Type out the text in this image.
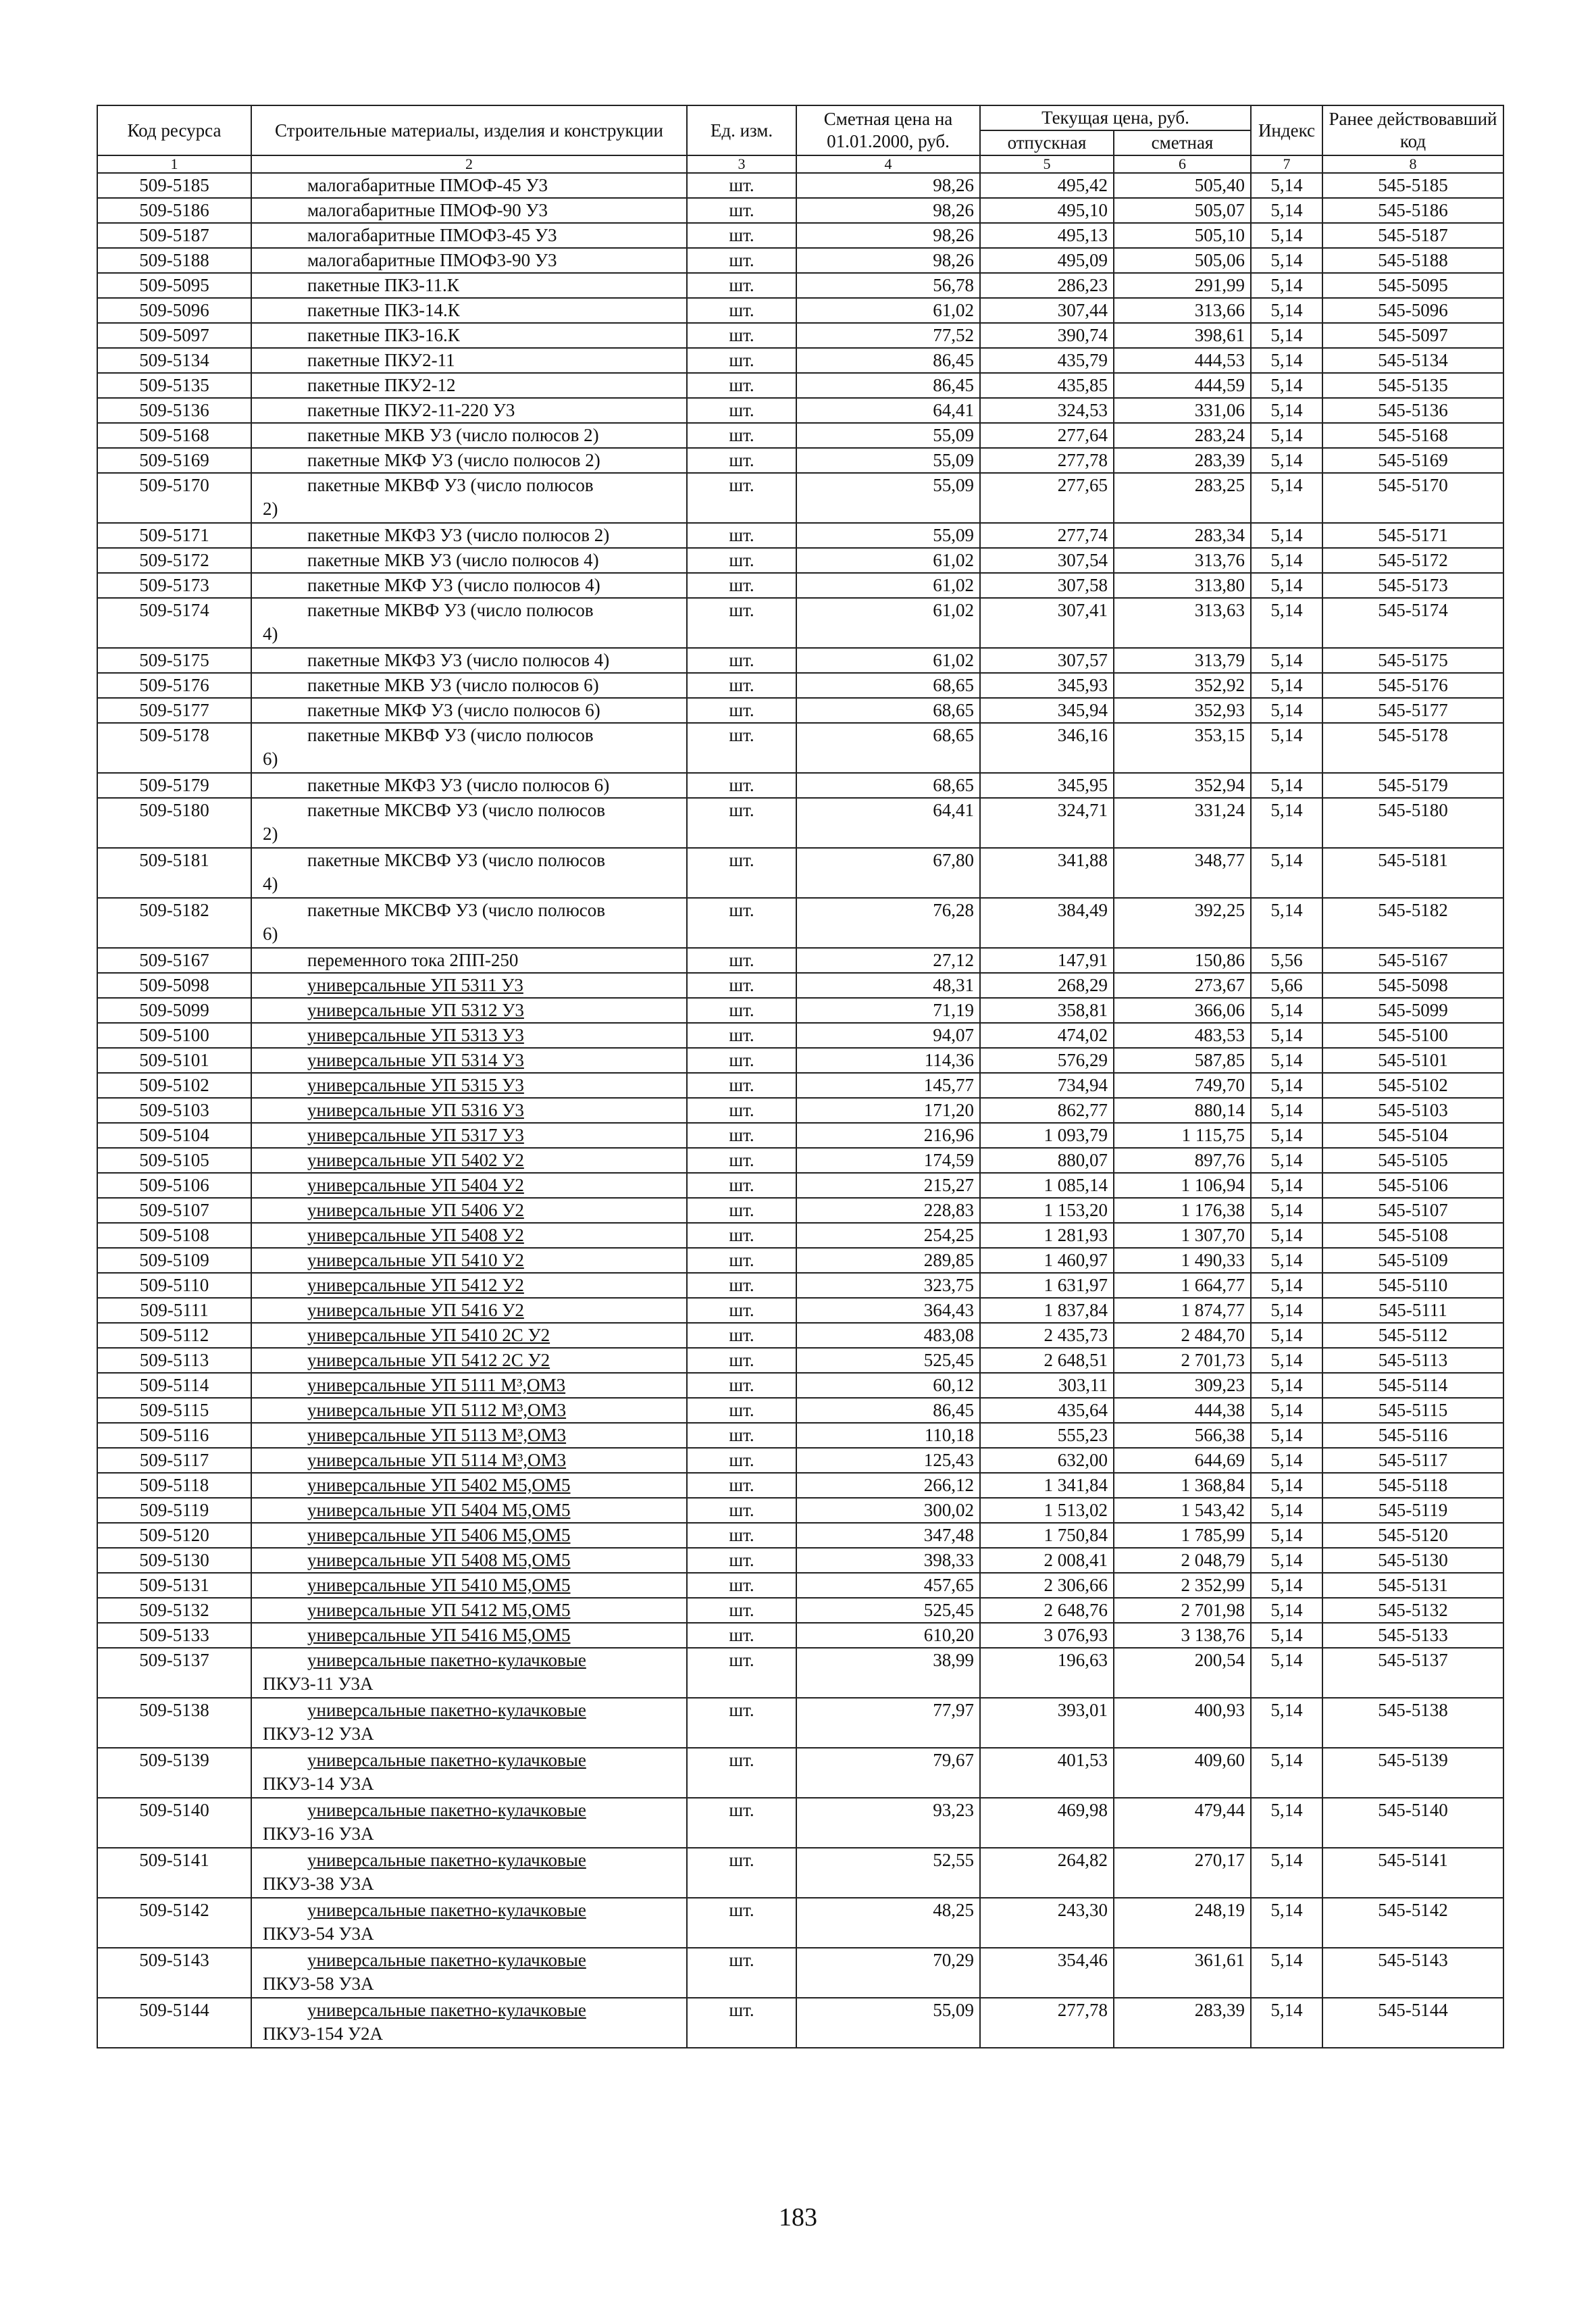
Код ресурса	Строительные материалы, изделия и конструкции	Ед. изм.	Сметная цена на 01.01.2000, руб.	Текущая цена, руб.		Индекс	Ранее действовавший код
				отпускная	сметная		
1	2	3	4	5	6	7	8
509-5185	малогабаритные ПМОФ-45 У3	шт.	98,26	495,42	505,40	5,14	545-5185
509-5186	малогабаритные ПМОФ-90 У3	шт.	98,26	495,10	505,07	5,14	545-5186
509-5187	малогабаритные ПМОФ3-45 У3	шт.	98,26	495,13	505,10	5,14	545-5187
509-5188	малогабаритные ПМОФ3-90 У3	шт.	98,26	495,09	505,06	5,14	545-5188
509-5095	пакетные ПК3-11.К	шт.	56,78	286,23	291,99	5,14	545-5095
509-5096	пакетные ПК3-14.К	шт.	61,02	307,44	313,66	5,14	545-5096
509-5097	пакетные ПК3-16.К	шт.	77,52	390,74	398,61	5,14	545-5097
509-5134	пакетные ПКУ2-11	шт.	86,45	435,79	444,53	5,14	545-5134
509-5135	пакетные ПКУ2-12	шт.	86,45	435,85	444,59	5,14	545-5135
509-5136	пакетные ПКУ2-11-220 У3	шт.	64,41	324,53	331,06	5,14	545-5136
509-5168	пакетные МКВ У3 (число полюсов 2)	шт.	55,09	277,64	283,24	5,14	545-5168
509-5169	пакетные МКФ У3 (число полюсов 2)	шт.	55,09	277,78	283,39	5,14	545-5169
509-5170	пакетные МКВФ У3 (число полюсов
2)	шт.	55,09	277,65	283,25	5,14	545-5170
509-5171	пакетные МКФ3 У3 (число полюсов 2)	шт.	55,09	277,74	283,34	5,14	545-5171
509-5172	пакетные МКВ У3 (число полюсов 4)	шт.	61,02	307,54	313,76	5,14	545-5172
509-5173	пакетные МКФ У3 (число полюсов 4)	шт.	61,02	307,58	313,80	5,14	545-5173
509-5174	пакетные МКВФ У3 (число полюсов
4)	шт.	61,02	307,41	313,63	5,14	545-5174
509-5175	пакетные МКФ3 У3 (число полюсов 4)	шт.	61,02	307,57	313,79	5,14	545-5175
509-5176	пакетные МКВ У3 (число полюсов 6)	шт.	68,65	345,93	352,92	5,14	545-5176
509-5177	пакетные МКФ У3 (число полюсов 6)	шт.	68,65	345,94	352,93	5,14	545-5177
509-5178	пакетные МКВФ У3 (число полюсов
6)	шт.	68,65	346,16	353,15	5,14	545-5178
509-5179	пакетные МКФ3 У3 (число полюсов 6)	шт.	68,65	345,95	352,94	5,14	545-5179
509-5180	пакетные МКСВФ У3 (число полюсов
2)	шт.	64,41	324,71	331,24	5,14	545-5180
509-5181	пакетные МКСВФ У3 (число полюсов
4)	шт.	67,80	341,88	348,77	5,14	545-5181
509-5182	пакетные МКСВФ У3 (число полюсов
6)	шт.	76,28	384,49	392,25	5,14	545-5182
509-5167	переменного тока 2ПП-250	шт.	27,12	147,91	150,86	5,56	545-5167
509-5098	универсальные УП 5311 У3	шт.	48,31	268,29	273,67	5,66	545-5098
509-5099	универсальные УП 5312 У3	шт.	71,19	358,81	366,06	5,14	545-5099
509-5100	универсальные УП 5313 У3	шт.	94,07	474,02	483,53	5,14	545-5100
509-5101	универсальные УП 5314 У3	шт.	114,36	576,29	587,85	5,14	545-5101
509-5102	универсальные УП 5315 У3	шт.	145,77	734,94	749,70	5,14	545-5102
509-5103	универсальные УП 5316 У3	шт.	171,20	862,77	880,14	5,14	545-5103
509-5104	универсальные УП 5317 У3	шт.	216,96	1 093,79	1 115,75	5,14	545-5104
509-5105	универсальные УП 5402 У2	шт.	174,59	880,07	897,76	5,14	545-5105
509-5106	универсальные УП 5404 У2	шт.	215,27	1 085,14	1 106,94	5,14	545-5106
509-5107	универсальные УП 5406 У2	шт.	228,83	1 153,20	1 176,38	5,14	545-5107
509-5108	универсальные УП 5408 У2	шт.	254,25	1 281,93	1 307,70	5,14	545-5108
509-5109	универсальные УП 5410 У2	шт.	289,85	1 460,97	1 490,33	5,14	545-5109
509-5110	универсальные УП 5412 У2	шт.	323,75	1 631,97	1 664,77	5,14	545-5110
509-5111	универсальные УП 5416 У2	шт.	364,43	1 837,84	1 874,77	5,14	545-5111
509-5112	универсальные УП 5410 2С У2	шт.	483,08	2 435,73	2 484,70	5,14	545-5112
509-5113	универсальные УП 5412 2С У2	шт.	525,45	2 648,51	2 701,73	5,14	545-5113
509-5114	универсальные УП 5111 М³,ОМ3	шт.	60,12	303,11	309,23	5,14	545-5114
509-5115	универсальные УП 5112 М³,ОМ3	шт.	86,45	435,64	444,38	5,14	545-5115
509-5116	универсальные УП 5113 М³,ОМ3	шт.	110,18	555,23	566,38	5,14	545-5116
509-5117	универсальные УП 5114 М³,ОМ3	шт.	125,43	632,00	644,69	5,14	545-5117
509-5118	универсальные УП 5402 М5,ОМ5	шт.	266,12	1 341,84	1 368,84	5,14	545-5118
509-5119	универсальные УП 5404 М5,ОМ5	шт.	300,02	1 513,02	1 543,42	5,14	545-5119
509-5120	универсальные УП 5406 М5,ОМ5	шт.	347,48	1 750,84	1 785,99	5,14	545-5120
509-5130	универсальные УП 5408 М5,ОМ5	шт.	398,33	2 008,41	2 048,79	5,14	545-5130
509-5131	универсальные УП 5410 М5,ОМ5	шт.	457,65	2 306,66	2 352,99	5,14	545-5131
509-5132	универсальные УП 5412 М5,ОМ5	шт.	525,45	2 648,76	2 701,98	5,14	545-5132
509-5133	универсальные УП 5416 М5,ОМ5	шт.	610,20	3 076,93	3 138,76	5,14	545-5133
509-5137	универсальные пакетно-кулачковые
ПКУ3-11 У3А	шт.	38,99	196,63	200,54	5,14	545-5137
509-5138	универсальные пакетно-кулачковые
ПКУ3-12 У3А	шт.	77,97	393,01	400,93	5,14	545-5138
509-5139	универсальные пакетно-кулачковые
ПКУ3-14 У3А	шт.	79,67	401,53	409,60	5,14	545-5139
509-5140	универсальные пакетно-кулачковые
ПКУ3-16 У3А	шт.	93,23	469,98	479,44	5,14	545-5140
509-5141	универсальные пакетно-кулачковые
ПКУ3-38 У3А	шт.	52,55	264,82	270,17	5,14	545-5141
509-5142	универсальные пакетно-кулачковые
ПКУ3-54 У3А	шт.	48,25	243,30	248,19	5,14	545-5142
509-5143	универсальные пакетно-кулачковые
ПКУ3-58 У3А	шт.	70,29	354,46	361,61	5,14	545-5143
509-5144	универсальные пакетно-кулачковые
ПКУ3-154 У2А	шт.	55,09	277,78	283,39	5,14	545-5144
183
